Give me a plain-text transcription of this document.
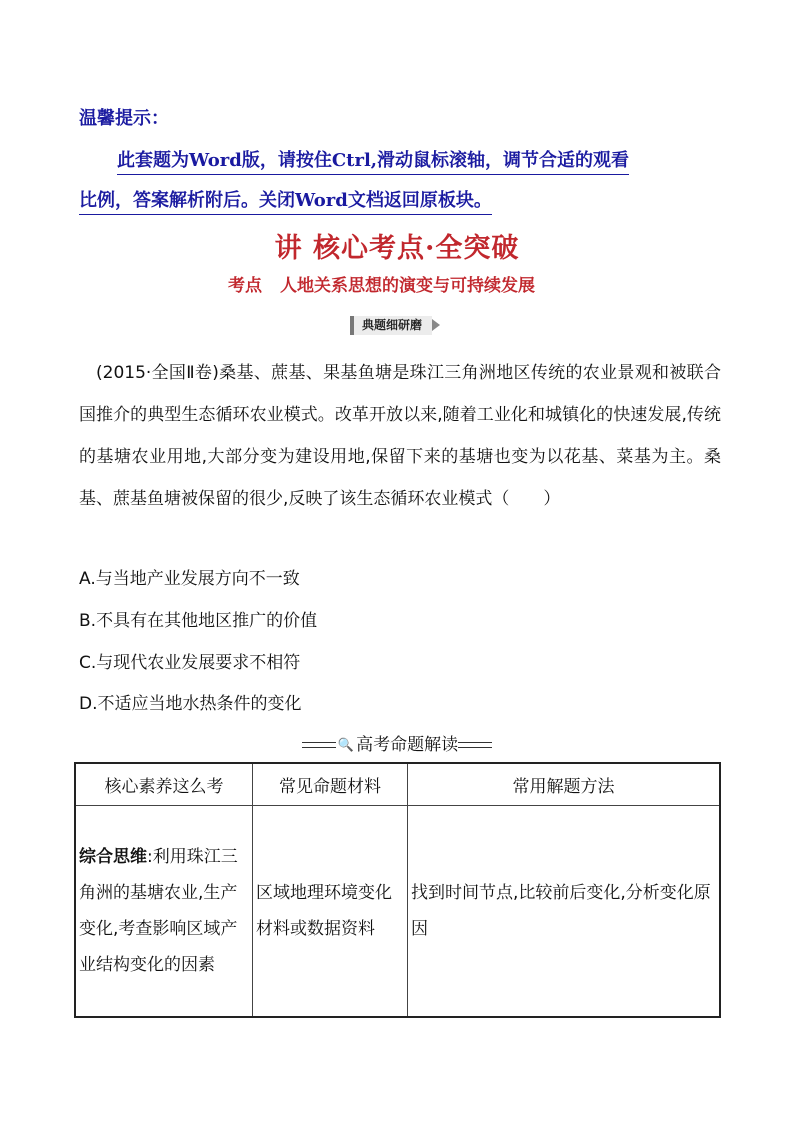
温馨提示：
此套题为Word版，请按住Ctrl,滑动鼠标滚轴，调节合适的观看
比例，答案解析附后。关闭Word文档返回原板块。
讲 核心考点·全突破
考点 人地关系思想的演变与可持续发展
典题细研磨
(2015·全国Ⅱ卷)桑基、蔗基、果基鱼塘是珠江三角洲地区传统的农业景观和被联合国推介的典型生态循环农业模式。改革开放以来,随着工业化和城镇化的快速发展,传统的基塘农业用地,大部分变为建设用地,保留下来的基塘也变为以花基、菜基为主。桑基、蔗基鱼塘被保留的很少,反映了该生态循环农业模式（　　）
A.与当地产业发展方向不一致
B.不具有在其他地区推广的价值
C.与现代农业发展要求不相符
D.不适应当地水热条件的变化
🔍 高考命题解读
核心素养这么考	常见命题材料	常用解题方法
综合思维:利用珠江三角洲的基塘农业,生产变化,考查影响区域产业结构变化的因素	区域地理环境变化材料或数据资料	找到时间节点,比较前后变化,分析变化原因
